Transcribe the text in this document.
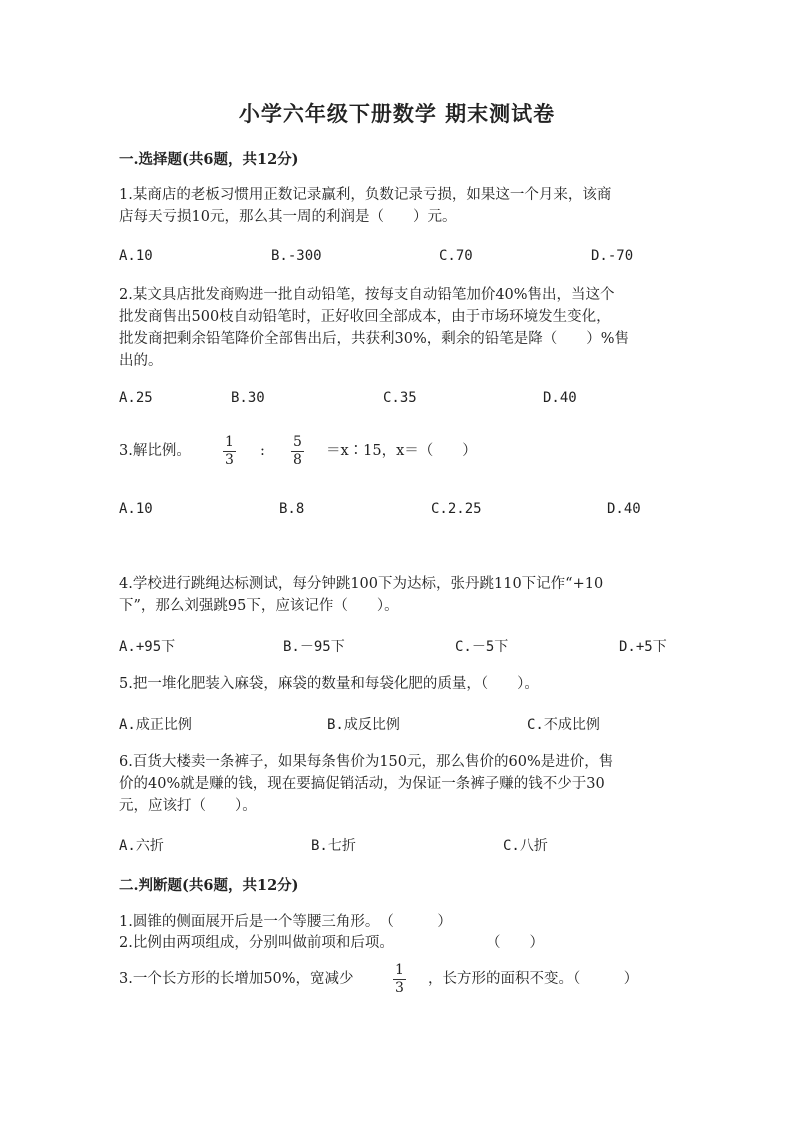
小学六年级下册数学 期末测试卷
一.选择题(共6题，共12分)
1.某商店的老板习惯用正数记录赢利，负数记录亏损，如果这一个月来，该商
店每天亏损10元，那么其一周的利润是（　　）元。
A.10	B.-300	C.70	D.-70
2.某文具店批发商购进一批自动铅笔，按每支自动铅笔加价40%售出，当这个
批发商售出500枝自动铅笔时，正好收回全部成本，由于市场环境发生变化，
批发商把剩余铅笔降价全部售出后，共获利30%，剩余的铅笔是降（　　）%售
出的。
A.25	B.30	C.35	D.40
3.解比例。 $\frac{1}{3}$ : $\frac{5}{8}$ ＝x∶15，x＝（　　）
A.10	B.8	C.2.25	D.40
4.学校进行跳绳达标测试，每分钟跳100下为达标，张丹跳110下记作“+10
下”，那么刘强跳95下，应该记作（　　）。
A.+95下	B.－95下	C.－5下	D.+5下
5.把一堆化肥装入麻袋，麻袋的数量和每袋化肥的质量，（　　）。
A.成正比例	B.成反比例	C.不成比例
6.百货大楼卖一条裤子，如果每条售价为150元，那么售价的60%是进价，售
价的40%就是赚的钱，现在要搞促销活动，为保证一条裤子赚的钱不少于30
元，应该打（　　）。
A.六折	B.七折	C.八折
二.判断题(共6题，共12分)
1.圆锥的侧面展开后是一个等腰三角形。　（　　　）
2.比例由两项组成，分别叫做前项和后项。	（　　）
3.一个长方形的长增加50%，宽减少	$\frac{1}{3}$ ，长方形的面积不变。（　　　）
